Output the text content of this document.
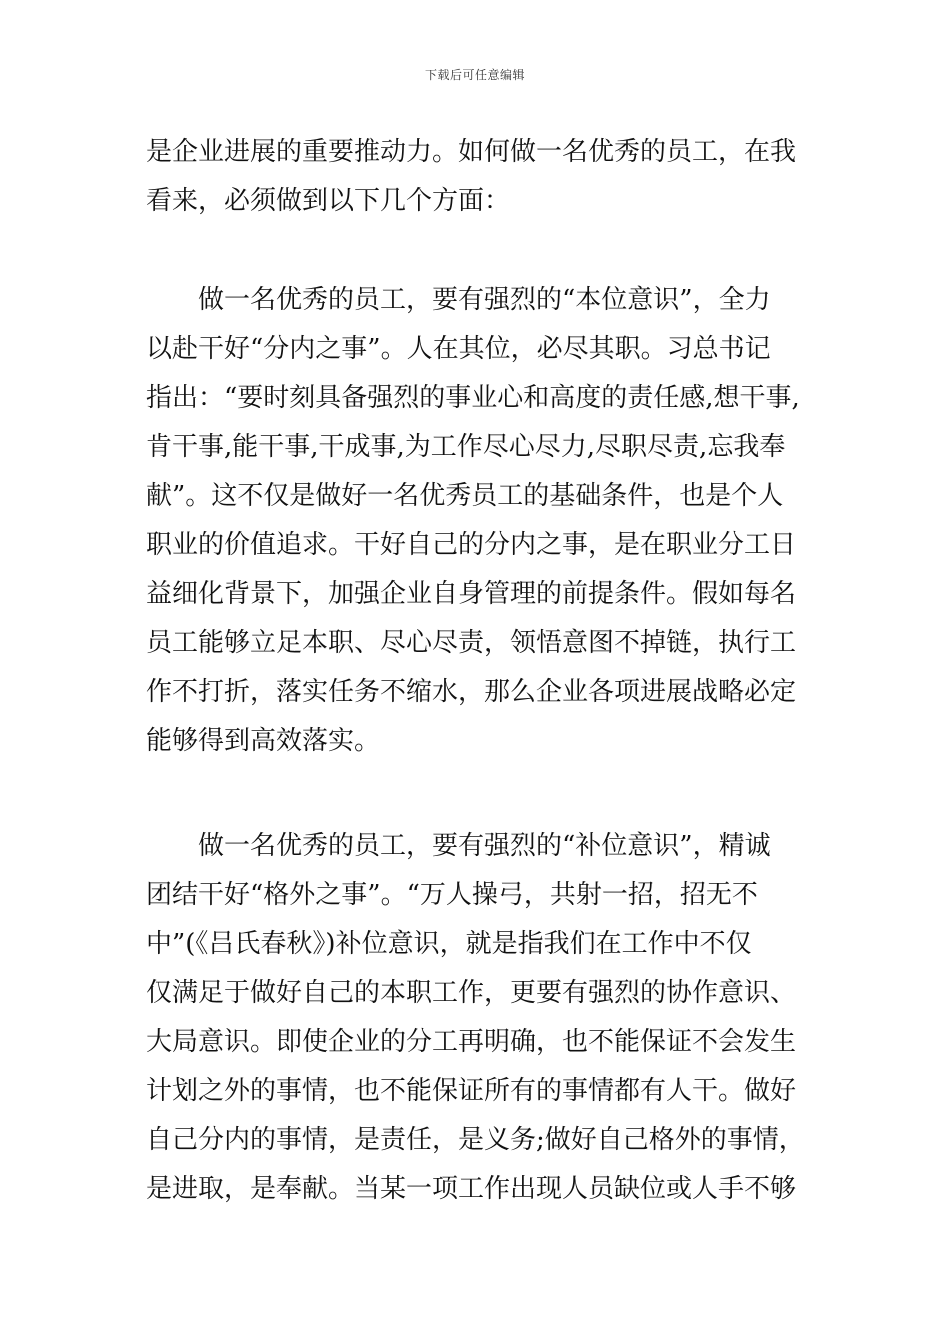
下载后可任意编辑

是企业进展的重要推动力。如何做一名优秀的员工，在我
看来，必须做到以下几个方面：

做一名优秀的员工，要有强烈的“本位意识”，全力
以赴干好“分内之事”。人在其位，必尽其职。习总书记
指出：“要时刻具备强烈的事业心和高度的责任感,想干事,
肯干事,能干事,干成事,为工作尽心尽力,尽职尽责,忘我奉
献”。这不仅是做好一名优秀员工的基础条件，也是个人
职业的价值追求。干好自己的分内之事，是在职业分工日
益细化背景下，加强企业自身管理的前提条件。假如每名
员工能够立足本职、尽心尽责，领悟意图不掉链，执行工
作不打折，落实任务不缩水，那么企业各项进展战略必定
能够得到高效落实。

做一名优秀的员工，要有强烈的“补位意识”，精诚
团结干好“格外之事”。“万人操弓，共射一招，招无不
中”(《吕氏春秋》)补位意识，就是指我们在工作中不仅
仅满足于做好自己的本职工作，更要有强烈的协作意识、
大局意识。即使企业的分工再明确，也不能保证不会发生
计划之外的事情，也不能保证所有的事情都有人干。做好
自己分内的事情，是责任，是义务;做好自己格外的事情，
是进取，是奉献。当某一项工作出现人员缺位或人手不够
